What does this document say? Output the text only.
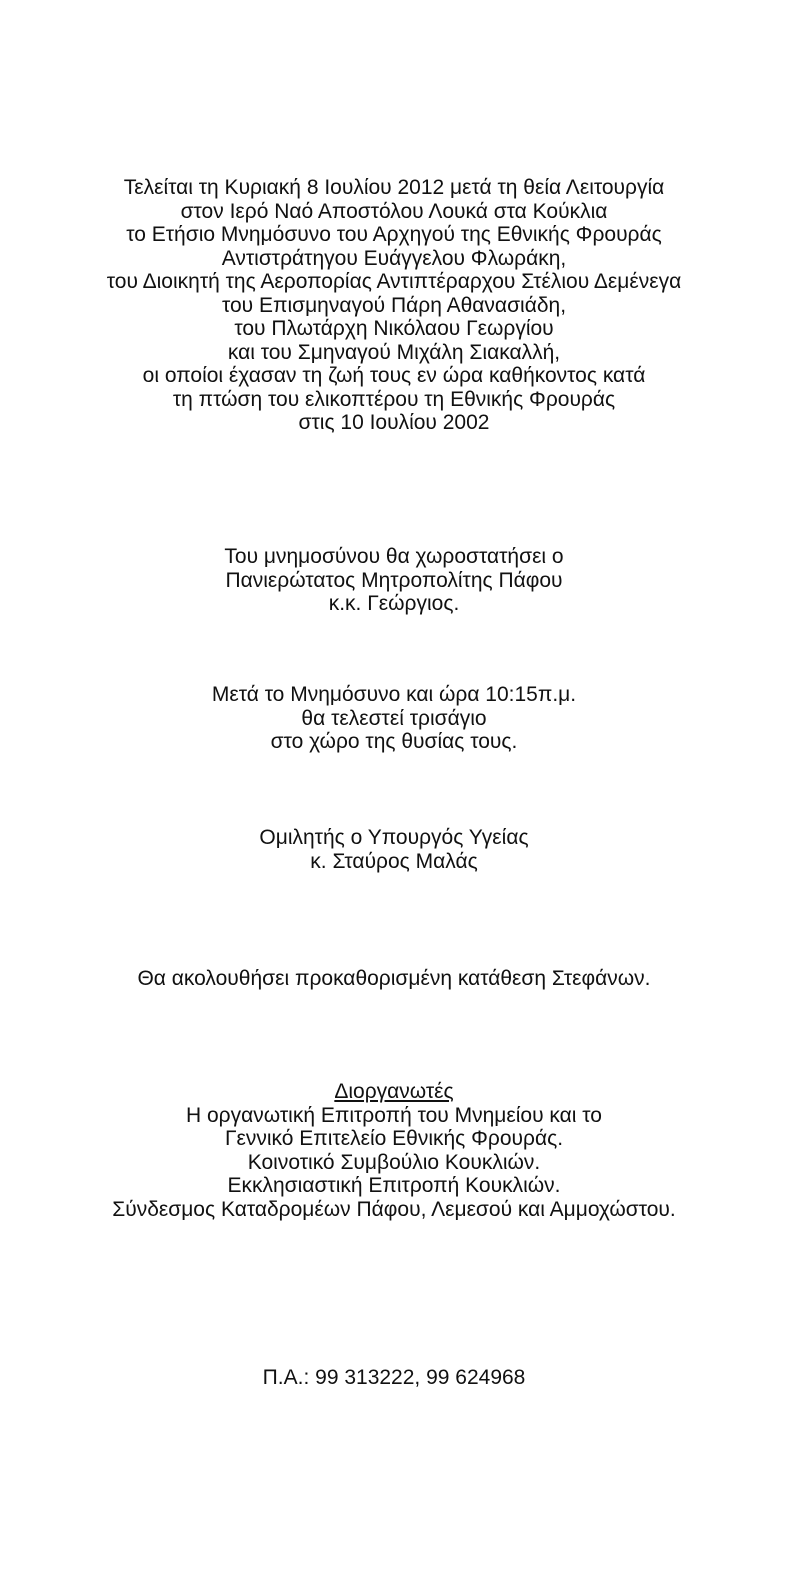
Τελείται τη Κυριακή 8 Ιουλίου 2012 μετά τη θεία Λειτουργία
στον Ιερό Ναό Αποστόλου Λουκά στα Κούκλια
το Ετήσιο Μνημόσυνο του Αρχηγού της Εθνικής Φρουράς
Αντιστράτηγου Ευάγγελου Φλωράκη,
του Διοικητή της Αεροπορίας Αντιπτέραρχου Στέλιου Δεμένεγα
του Επισμηναγού Πάρη Αθανασιάδη,
του Πλωτάρχη Νικόλαου Γεωργίου
και του Σμηναγού Μιχάλη Σιακαλλή,
οι οποίοι έχασαν τη ζωή τους εν ώρα καθήκοντος κατά
τη πτώση του ελικοπτέρου τη Εθνικής Φρουράς
στις 10 Ιουλίου 2002
Του μνημοσύνου θα χωροστατήσει ο
Πανιερώτατος Μητροπολίτης Πάφου
κ.κ. Γεώργιος.
Μετά το Μνημόσυνο και ώρα 10:15π.μ.
θα τελεστεί τρισάγιο
στο χώρο της θυσίας τους.
Ομιλητής ο Υπουργός Υγείας
κ. Σταύρος Μαλάς
Θα ακολουθήσει προκαθορισμένη κατάθεση Στεφάνων.
Διοργανωτές
Η οργανωτική Επιτροπή του Μνημείου και το
Γεννικό Επιτελείο Εθνικής Φρουράς.
Κοινοτικό Συμβούλιο Κουκλιών.
Εκκλησιαστική Επιτροπή Κουκλιών.
Σύνδεσμος Καταδρομέων Πάφου, Λεμεσού και Αμμοχώστου.
Π.Α.: 99 313222, 99 624968
